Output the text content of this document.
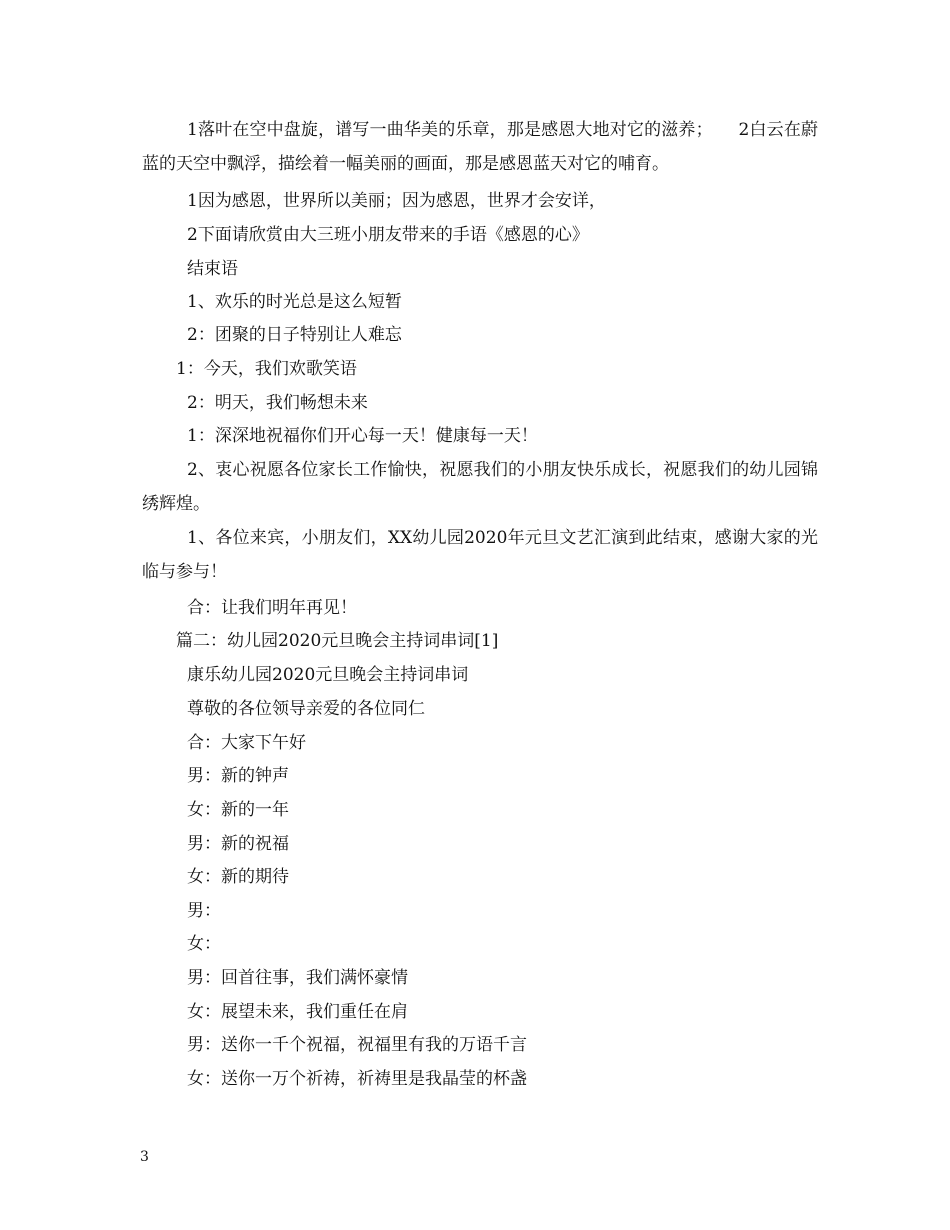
1落叶在空中盘旋，谱写一曲华美的乐章，那是感恩大地对它的滋养；　　2白云在蔚蓝的天空中飘浮，描绘着一幅美丽的画面，那是感恩蓝天对它的哺育。
1因为感恩，世界所以美丽；因为感恩，世界才会安详，
2下面请欣赏由大三班小朋友带来的手语《感恩的心》
结束语
1、欢乐的时光总是这么短暂
2：团聚的日子特别让人难忘
1：今天，我们欢歌笑语
2：明天，我们畅想未来
1：深深地祝福你们开心每一天！健康每一天！
2、衷心祝愿各位家长工作愉快，祝愿我们的小朋友快乐成长，祝愿我们的幼儿园锦绣辉煌。
1、各位来宾，小朋友们，XX幼儿园2020年元旦文艺汇演到此结束，感谢大家的光临与参与！
合：让我们明年再见！
篇二：幼儿园2020元旦晚会主持词串词[1]
康乐幼儿园2020元旦晚会主持词串词
尊敬的各位领导亲爱的各位同仁
合：大家下午好
男：新的钟声
女：新的一年
男：新的祝福
女：新的期待
男：
女：
男：回首往事，我们满怀豪情
女：展望未来，我们重任在肩
男：送你一千个祝福，祝福里有我的万语千言
女：送你一万个祈祷，祈祷里是我晶莹的杯盏
3
